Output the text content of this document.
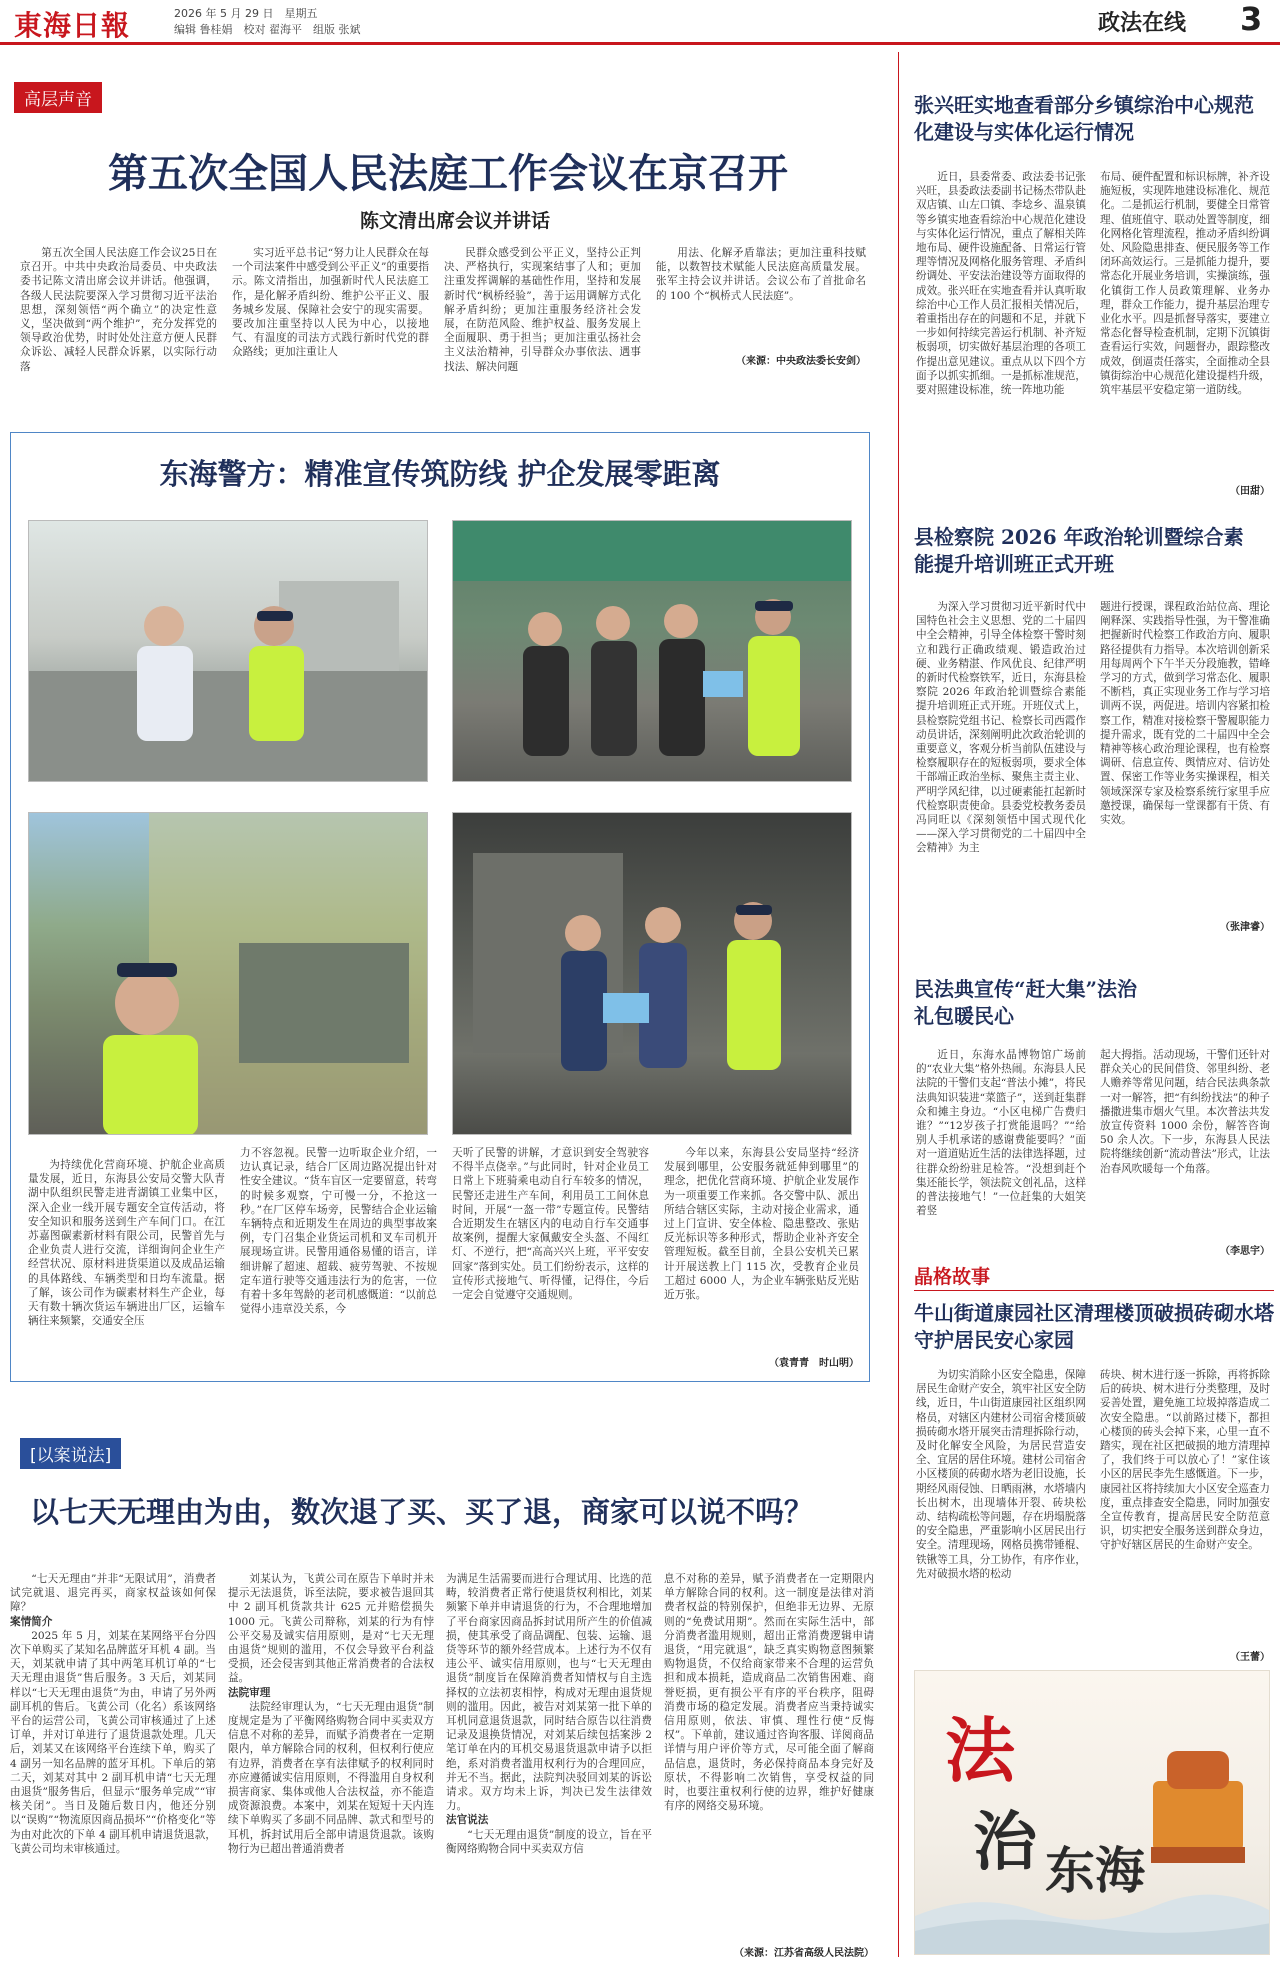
東海日報	2026 年 5 月 29 日　星期五
编辑 鲁桂娟　校对 翟海平　组版 张斌	政法在线 3
高层声音
第五次全国人民法庭工作会议在京召开
陈文清出席会议并讲话
第五次全国人民法庭工作会议25日在京召开。中共中央政治局委员、中央政法委书记陈文清出席会议并讲话。他强调，各级人民法院要深入学习贯彻习近平法治思想，深刻领悟“两个确立”的决定性意义，坚决做到“两个维护”，充分发挥党的领导政治优势，时时处处注意方便人民群众诉讼、减轻人民群众诉累，以实际行动落
实习近平总书记“努力让人民群众在每一个司法案件中感受到公平正义”的重要指示。陈文清指出，加强新时代人民法庭工作，是化解矛盾纠纷、维护公平正义、服务城乡发展、保障社会安宁的现实需要。要改加注重坚持以人民为中心，以接地气、有温度的司法方式践行新时代党的群众路线；更加注重让人
民群众感受到公平正义，坚持公正判决、严格执行，实现案结事了人和；更加注重发挥调解的基础性作用，坚持和发展新时代“枫桥经验”，善于运用调解方式化解矛盾纠纷；更加注重服务经济社会发展，在防范风险、维护权益、服务发展上全面履职、勇于担当；更加注重弘扬社会主义法治精神，引导群众办事依法、遇事找法、解决问题
用法、化解矛盾靠法；更加注重科技赋能，以数智技术赋能人民法庭高质量发展。张军主持会议并讲话。会议公布了首批命名的 100 个“枫桥式人民法庭”。
（来源：中央政法委长安剑）
东海警方：精准宣传筑防线 护企发展零距离
为持续优化营商环境、护航企业高质量发展，近日，东海县公安局交警大队青湖中队组织民警走进青湖镇工业集中区，深入企业一线开展专题安全宣传活动，将安全知识和服务送到生产车间门口。在江苏嘉图碳素新材料有限公司，民警首先与企业负责人进行交流，详细询问企业生产经营状况、原材料进货渠道以及成品运输的具体路线、车辆类型和日均车流量。据了解，该公司作为碳素材料生产企业，每天有数十辆次货运车辆进出厂区，运输车辆往来频繁，交通安全压
力不容忽视。民警一边听取企业介绍，一边认真记录，结合厂区周边路况提出针对性安全建议。“货车盲区一定要留意，转弯的时候多观察，宁可慢一分，不抢这一秒。”在厂区停车场旁，民警结合企业运输车辆特点和近期发生在周边的典型事故案例，专门召集企业货运司机和叉车司机开展现场宣讲。民警用通俗易懂的语言，详细讲解了超速、超载、疲劳驾驶、不按规定车道行驶等交通违法行为的危害，一位有着十多年驾龄的老司机感慨道：“以前总觉得小违章没关系，今
天听了民警的讲解，才意识到安全驾驶容不得半点侥幸。”与此同时，针对企业员工日常上下班骑乘电动自行车较多的情况，民警还走进生产车间，利用员工工间休息时间，开展“一盔一带”专题宣传。民警结合近期发生在辖区内的电动自行车交通事故案例，提醒大家佩戴安全头盔、不闯红灯、不逆行，把“高高兴兴上班，平平安安回家”落到实处。员工们纷纷表示，这样的宣传形式接地气、听得懂，记得住，今后一定会自觉遵守交通规则。
今年以来，东海县公安局坚持“经济发展到哪里，公安服务就延伸到哪里”的理念，把优化营商环境、护航企业发展作为一项重要工作来抓。各交警中队、派出所结合辖区实际，主动对接企业需求，通过上门宣讲、安全体检、隐患整改、张贴反光标识等多种形式，帮助企业补齐安全管理短板。截至目前，全县公安机关已累计开展送教上门 115 次，受教育企业员工超过 6000 人，为企业车辆张贴反光贴近万张。
（袁青青　时山明）
[以案说法]
以七天无理由为由，数次退了买、买了退，商家可以说不吗？
“七天无理由”并非“无限试用”，消费者试完就退、退完再买，商家权益该如何保障？
案情简介
2025 年 5 月，刘某在某网络平台分四次下单购买了某知名品牌蓝牙耳机 4 副。当天，刘某就申请了其中两笔耳机订单的“七天无理由退货”售后服务。3 天后，刘某同样以“七天无理由退货”为由，申请了另外两副耳机的售后。飞黄公司（化名）系该网络平台的运营公司，飞黄公司审核通过了上述订单，并对订单进行了退货退款处理。几天后，刘某又在该网络平台连续下单，购买了 4 副另一知名品牌的蓝牙耳机。下单后的第二天，刘某对其中 2 副耳机申请“七天无理由退货”服务售后，但显示“服务单完成”“审核关闭”。当日及随后数日内，他还分别以“误购”“物流原因商品损坏”“价格变化”等为由对此次的下单 4 副耳机申请退货退款，飞黄公司均未审核通过。
刘某认为，飞黄公司在原告下单时并未提示无法退货，诉至法院，要求被告退回其中 2 副耳机货款共计 625 元并赔偿损失 1000 元。飞黄公司辩称，刘某的行为有悖公平交易及诚实信用原则，是对“七天无理由退货”规则的滥用，不仅会导致平台利益受损，还会侵害到其他正常消费者的合法权益。
法院审理
法院经审理认为，“七天无理由退货”制度规定是为了平衡网络购物合同中买卖双方信息不对称的差异，而赋予消费者在一定期限内，单方解除合同的权利，但权利行使应有边界，消费者在享有法律赋予的权利同时亦应遵循诚实信用原则，不得滥用自身权利损害商家、集体或他人合法权益，亦不能造成资源浪费。本案中，刘某在短短十天内连续下单购买了多副不同品牌、款式和型号的耳机，拆封试用后全部申请退货退款。该购物行为已超出普通消费者
为满足生活需要而进行合理试用、比选的范畴，较消费者正常行使退货权利相比，刘某频繁下单并申请退货的行为，不合理地增加了平台商家因商品拆封试用所产生的价值减损，使其承受了商品调配、包装、运输、退货等环节的额外经营成本。上述行为不仅有违公平、诚实信用原则，也与“七天无理由退货”制度旨在保障消费者知情权与自主选择权的立法初衷相悖，构成对无理由退货规则的滥用。因此，被告对刘某第一批下单的耳机同意退货退款，同时结合原告以往消费记录及退换货情况，对刘某后续包括案涉 2 笔订单在内的耳机交易退货退款申请予以拒绝，系对消费者滥用权利行为的合理回应，并无不当。据此，法院判决驳回刘某的诉讼请求。双方均未上诉，判决已发生法律效力。
法官说法
“七天无理由退货”制度的设立，旨在平衡网络购物合同中买卖双方信
息不对称的差异，赋予消费者在一定期限内单方解除合同的权利。这一制度是法律对消费者权益的特别保护，但绝非无边界、无原则的“免费试用期”。然而在实际生活中，部分消费者滥用规则，超出正常消费逻辑申请退货，“用完就退”，缺乏真实购物意图频繁购物退货，不仅给商家带来不合理的运营负担和成本损耗，造成商品二次销售困难、商誉贬损，更有损公平有序的平台秩序，阻碍消费市场的稳定发展。消费者应当秉持诚实信用原则，依法、审慎、理性行使“反悔权”。下单前，建议通过咨询客服、详阅商品详情与用户评价等方式，尽可能全面了解商品信息，退货时，务必保持商品本身完好及原状，不得影响二次销售，享受权益的同时，也要注重权利行使的边界，维护好健康有序的网络交易环境。
（来源：江苏省高级人民法院）
张兴旺实地查看部分乡镇综治中心规范化建设与实体化运行情况
近日，县委常委、政法委书记张兴旺，县委政法委副书记杨杰带队赴双店镇、山左口镇、李埝乡、温泉镇等乡镇实地查看综治中心规范化建设与实体化运行情况，重点了解相关阵地布局、硬件设施配备、日常运行管理等情况及网格化服务管理、矛盾纠纷调处、平安法治建设等方面取得的成效。张兴旺在实地查看并认真听取综治中心工作人员汇报相关情况后，着重指出存在的问题和不足，并就下一步如何持续完善运行机制、补齐短板弱项，切实做好基层治理的各项工作提出意见建议。重点从以下四个方面予以抓实抓细。一是抓标准规范，要对照建设标准，统一阵地功能
布局、硬件配置和标识标牌，补齐设施短板，实现阵地建设标准化、规范化。二是抓运行机制，要健全日常管理、值班值守、联动处置等制度，细化网格化管理流程，推动矛盾纠纷调处、风险隐患排查、便民服务等工作闭环高效运行。三是抓能力提升，要常态化开展业务培训，实操演练，强化镇街工作人员政策理解、业务办理，群众工作能力，提升基层治理专业化水平。四是抓督导落实，要建立常态化督导检查机制，定期下沉镇街查看运行实效，问题督办，跟踪整改成效，倒逼责任落实，全面推动全县镇街综治中心规范化建设提档升级，筑牢基层平安稳定第一道防线。
（田甜）
县检察院 2026 年政治轮训暨综合素能提升培训班正式开班
为深入学习贯彻习近平新时代中国特色社会主义思想、党的二十届四中全会精神，引导全体检察干警时刻立和践行正确政绩观、锻造政治过硬、业务精湛、作风优良、纪律严明的新时代检察铁军，近日，东海县检察院 2026 年政治轮训暨综合素能提升培训班正式开班。开班仪式上，县检察院党组书记、检察长司西霞作动员讲话，深刻阐明此次政治轮训的重要意义，客观分析当前队伍建设与检察履职存在的短板弱项，要求全体干部端正政治坐标、聚焦主责主业、严明学风纪律，以过硬素能扛起新时代检察职责使命。县委党校教务委员冯同旺以《深刻领悟中国式现代化——深入学习贯彻党的二十届四中全会精神》为主
题进行授课，课程政治站位高、理论阐释深、实践指导性强，为干警准确把握新时代检察工作政治方向、履职路径提供有力指导。本次培训创新采用每周两个下午半天分段施教，错峰学习的方式，做到学习常态化、履职不断档，真正实现业务工作与学习培训两不误，两促进。培训内容紧扣检察工作，精准对接检察干警履职能力提升需求，既有党的二十届四中全会精神等核心政治理论课程，也有检察调研、信息宣传、舆情应对、信访处置、保密工作等业务实操课程，相关领域深深专家及检察系统行家里手应邀授课，确保每一堂课都有干货、有实效。
（张津睿）
民法典宣传“赶大集”法治礼包暖民心
近日，东海水晶博物馆广场前的“农业大集”格外热闹。东海县人民法院的干警们支起“普法小摊”，将民法典知识装进“菜篮子”，送到赶集群众和摊主身边。“小区电梯广告费归谁？”“12岁孩子打赏能退吗？”“给别人手机承诺的感谢费能要吗？”面对一道道贴近生活的法律选择题，过往群众纷纷驻足检答。“没想到赶个集还能长学，领法院文创礼品，这样的普法接地气！”一位赶集的大姐笑着竖
起大拇指。活动现场，干警们还针对群众关心的民间借贷、邻里纠纷、老人赡养等常见问题，结合民法典条款一对一解答，把“有纠纷找法”的种子播撒进集市烟火气里。本次普法共发放宣传资料 1000 余份，解答咨询 50 余人次。下一步，东海县人民法院将继续创新“流动普法”形式，让法治春风吹暖每一个角落。
（李思宇）
晶格故事
牛山街道康园社区清理楼顶破损砖砌水塔守护居民安心家园
为切实消除小区安全隐患，保障居民生命财产安全，筑牢社区安全防线，近日，牛山街道康园社区组织网格员，对辖区内建材公司宿舍楼顶破损砖砌水塔开展突击清理拆除行动，及时化解安全风险，为居民营造安全、宜居的居住环境。建材公司宿舍小区楼顶的砖砌水塔为老旧设施，长期经风雨侵蚀、日晒雨淋，水塔墙内长出树木，出现墙体开裂、砖块松动、结构疏松等问题，存在坍塌脱落的安全隐患，严重影响小区居民出行安全。清理现场，网格员携带锤棍、铁锹等工具，分工协作，有序作业，先对破损水塔的松动
砖块、树木进行逐一拆除，再将拆除后的砖块、树木进行分类整理，及时妥善处置，避免施工垃圾掉落造成二次安全隐患。“以前路过楼下，都担心楼顶的砖头会掉下来，心里一直不踏实，现在社区把破损的地方清理掉了，我们终于可以放心了！”家住该小区的居民李先生感慨道。下一步，康园社区将持续加大小区安全巡查力度，重点排查安全隐患，同时加强安全宣传教育，提高居民安全防范意识，切实把安全服务送到群众身边，守护好辖区居民的生命财产安全。
（王蕾）
法
治 东海
